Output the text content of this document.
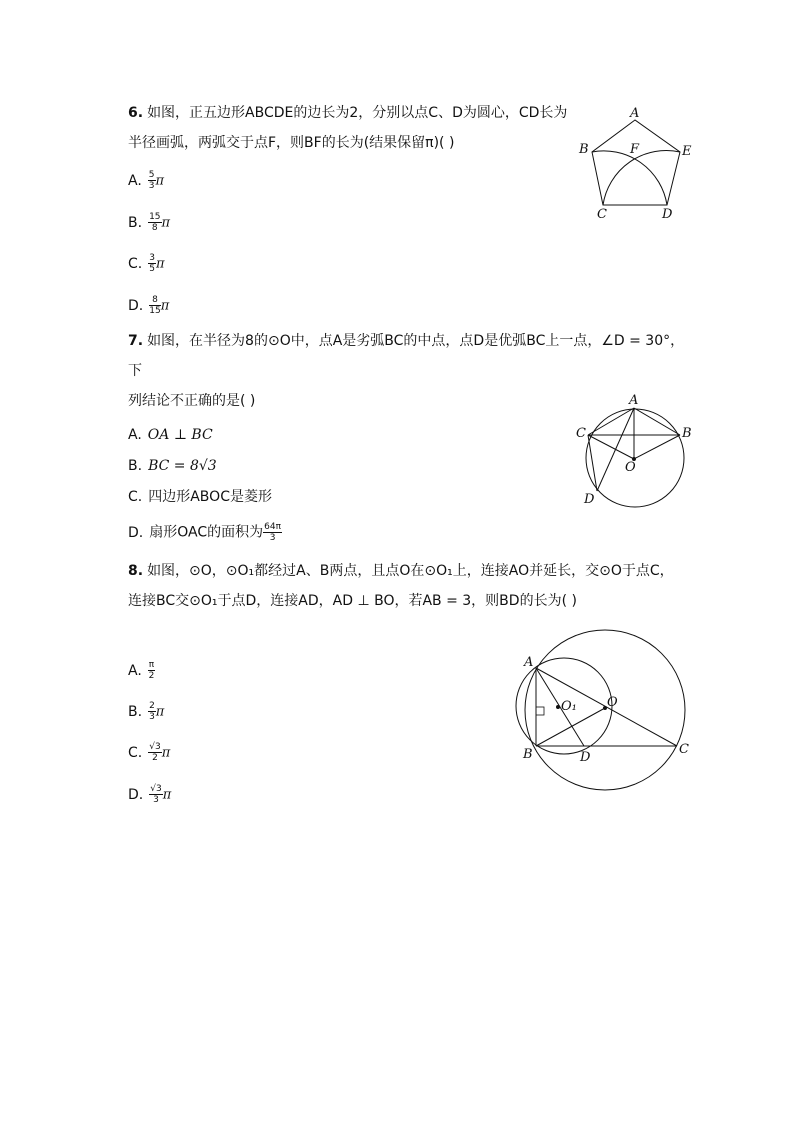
6. 如图，正五边形ABCDE的边长为2，分别以点C、D为圆心，CD长为
半径画弧，两弧交于点F，则BF的长为(结果保留π)( )
A. $\frac{5}{3}$ π
B. $\frac{15}{8}$ π
C. $\frac{3}{5}$ π
D. $\frac{8}{15}$ π
A
B	F	E
C	D
7. 如图，在半径为8的⊙O中，点A是劣弧BC的中点，点D是优弧BC上一点，∠D = 30°，下
列结论不正确的是( )
A. OA ⊥ BC
B. BC = 8√3
C. 四边形ABOC是菱形
D. 扇形OAC的面积为 $\frac{64\pi}{3}$
A
C	B
O
D
8. 如图，⊙O，⊙O₁都经过A、B两点，且点O在⊙O₁上，连接AO并延长，交⊙O于点C，
连接BC交⊙O₁于点D，连接AD，AD ⊥ BO，若AB = 3，则BD的长为( )
A. $\frac{\pi}{2}$
B. $\frac{2}{3}$ π
C. $\frac{√3}{2}$ π
D. $\frac{√3}{3}$ π
A
O₁ O
B	D
C
